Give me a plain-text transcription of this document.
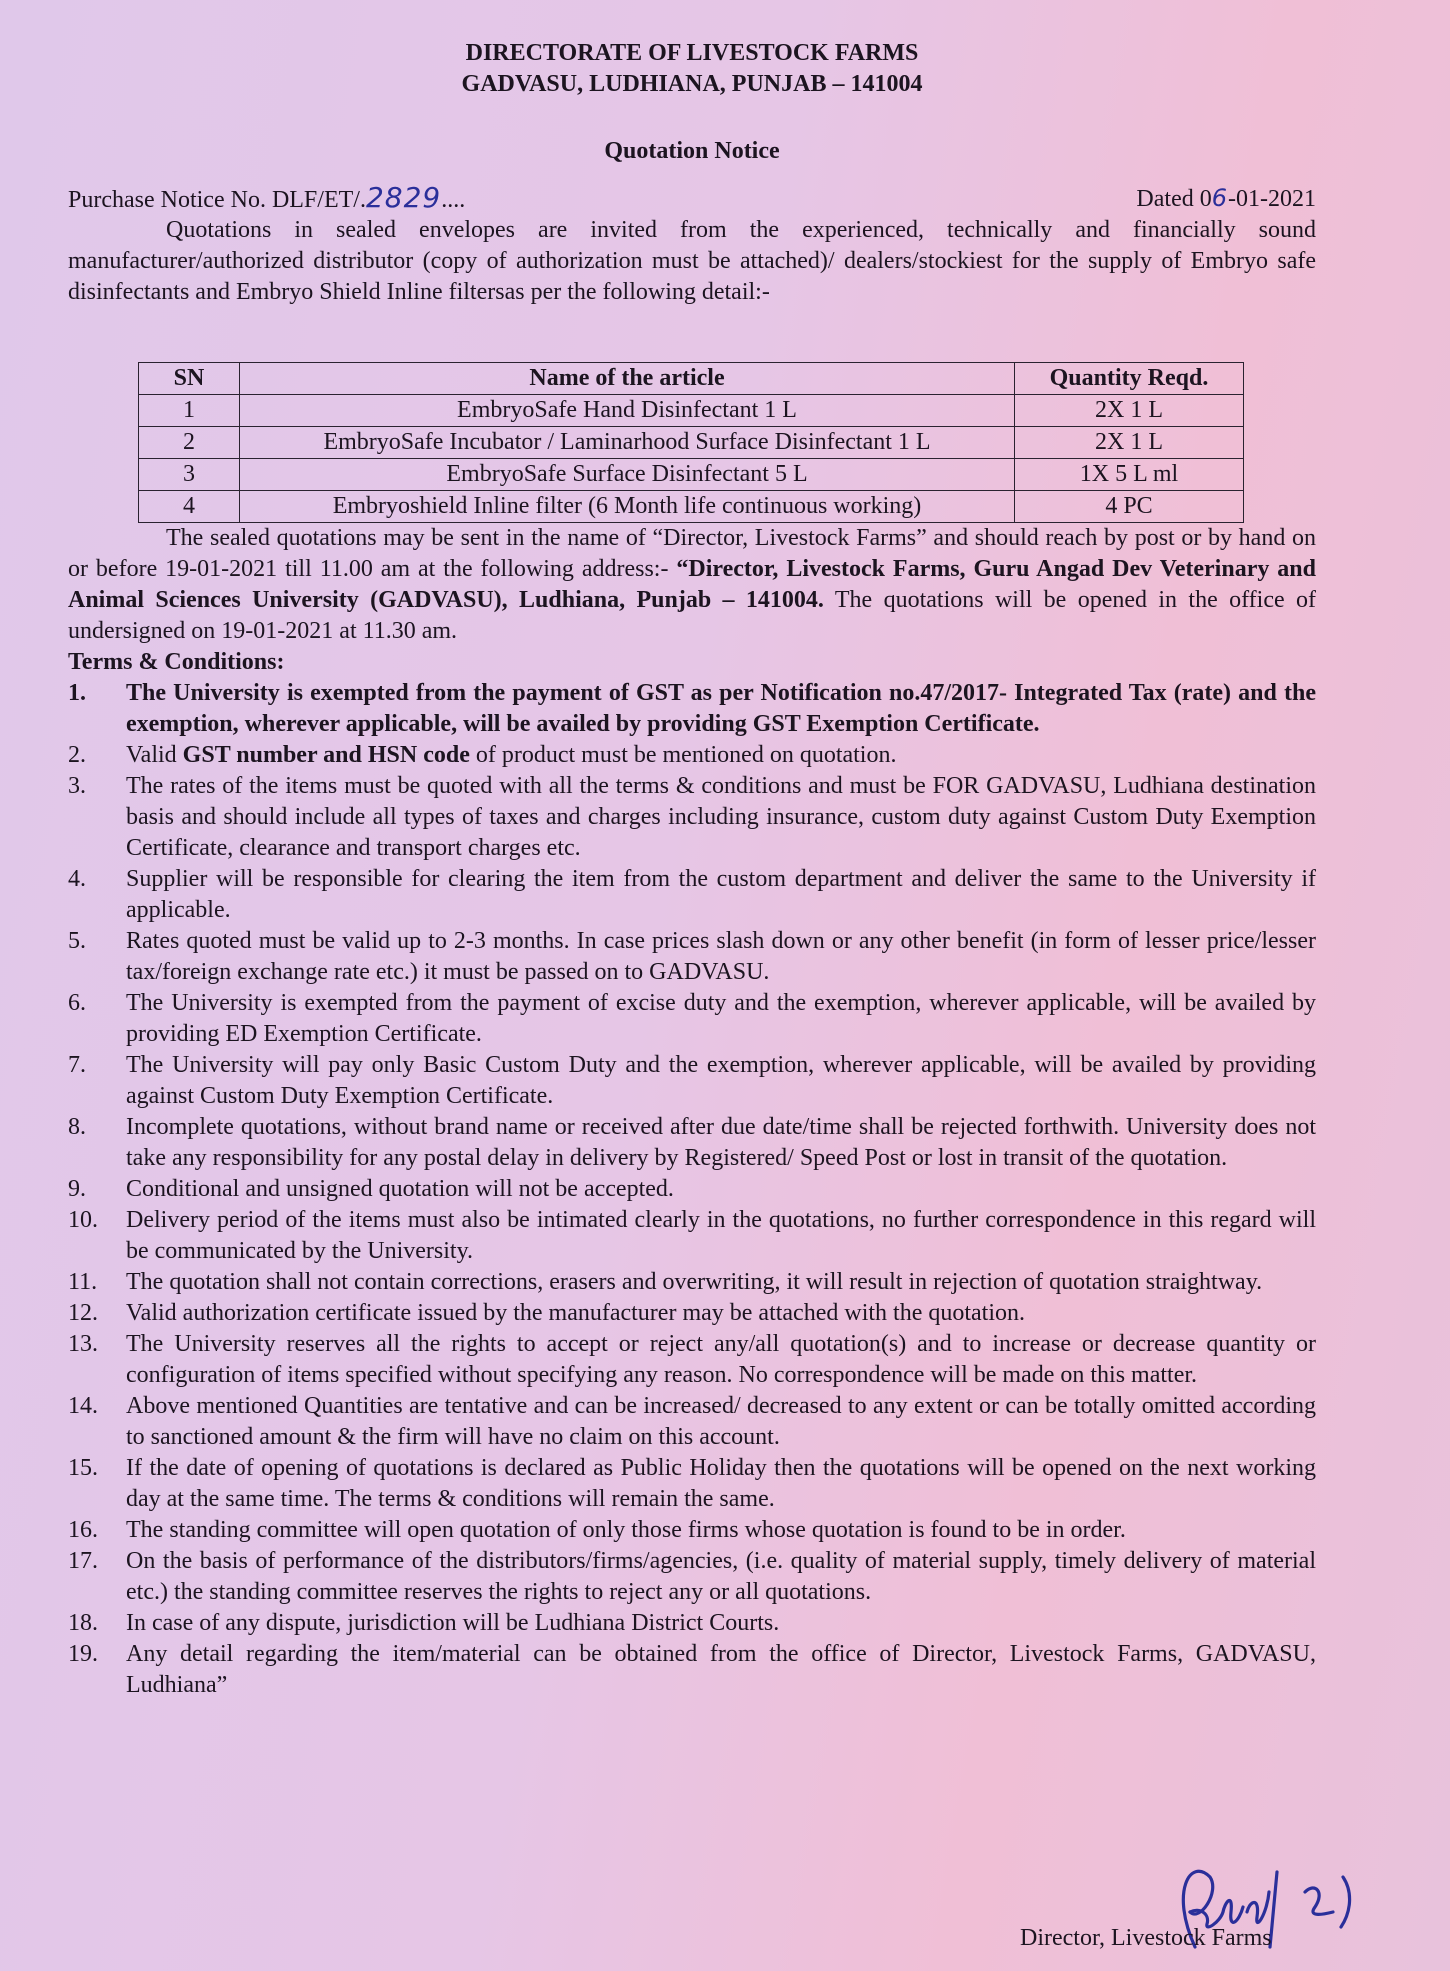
DIRECTORATE OF LIVESTOCK FARMS
GADVASU, LUDHIANA, PUNJAB – 141004
Quotation Notice
Purchase Notice No. DLF/ET/.2829....	Dated 06-01-2021

Quotations in sealed envelopes are invited from the experienced, technically and financially sound manufacturer/authorized distributor (copy of authorization must be attached)/ dealers/stockiest for the supply of Embryo safe disinfectants and Embryo Shield Inline filtersas per the following detail:-

SN	Name of the article	Quantity Reqd.
1	EmbryoSafe Hand Disinfectant 1 L	2X 1 L
2	EmbryoSafe Incubator / Laminarhood Surface Disinfectant 1 L	2X 1 L
3	EmbryoSafe Surface Disinfectant 5 L	1X 5 L ml
4	Embryoshield Inline filter (6 Month life continuous working)	4 PC

The sealed quotations may be sent in the name of “Director, Livestock Farms” and should reach by post or by hand on or before 19-01-2021 till 11.00 am at the following address:- “Director, Livestock Farms, Guru Angad Dev Veterinary and Animal Sciences University (GADVASU), Ludhiana, Punjab – 141004. The quotations will be opened in the office of undersigned on 19-01-2021 at 11.30 am.

Terms & Conditions:
1.	The University is exempted from the payment of GST as per Notification no.47/2017- Integrated Tax (rate) and the exemption, wherever applicable, will be availed by providing GST Exemption Certificate.
2.	Valid GST number and HSN code of product must be mentioned on quotation.
3.	The rates of the items must be quoted with all the terms & conditions and must be FOR GADVASU, Ludhiana destination basis and should include all types of taxes and charges including insurance, custom duty against Custom Duty Exemption Certificate, clearance and transport charges etc.
4.	Supplier will be responsible for clearing the item from the custom department and deliver the same to the University if applicable.
5.	Rates quoted must be valid up to 2-3 months. In case prices slash down or any other benefit (in form of lesser price/lesser tax/foreign exchange rate etc.) it must be passed on to GADVASU.
6.	The University is exempted from the payment of excise duty and the exemption, wherever applicable, will be availed by providing ED Exemption Certificate.
7.	The University will pay only Basic Custom Duty and the exemption, wherever applicable, will be availed by providing against Custom Duty Exemption Certificate.
8.	Incomplete quotations, without brand name or received after due date/time shall be rejected forthwith. University does not take any responsibility for any postal delay in delivery by Registered/ Speed Post or lost in transit of the quotation.
9.	Conditional and unsigned quotation will not be accepted.
10.	Delivery period of the items must also be intimated clearly in the quotations, no further correspondence in this regard will be communicated by the University.
11.	The quotation shall not contain corrections, erasers and overwriting, it will result in rejection of quotation straightway.
12.	Valid authorization certificate issued by the manufacturer may be attached with the quotation.
13.	The University reserves all the rights to accept or reject any/all quotation(s) and to increase or decrease quantity or configuration of items specified without specifying any reason. No correspondence will be made on this matter.
14.	Above mentioned Quantities are tentative and can be increased/ decreased to any extent or can be totally omitted according to sanctioned amount & the firm will have no claim on this account.
15.	If the date of opening of quotations is declared as Public Holiday then the quotations will be opened on the next working day at the same time. The terms & conditions will remain the same.
16.	The standing committee will open quotation of only those firms whose quotation is found to be in order.
17.	On the basis of performance of the distributors/firms/agencies, (i.e. quality of material supply, timely delivery of material etc.) the standing committee reserves the rights to reject any or all quotations.
18.	In case of any dispute, jurisdiction will be Ludhiana District Courts.
19.	Any detail regarding the item/material can be obtained from the office of Director, Livestock Farms, GADVASU, Ludhiana”
Director, Livestock Farms
